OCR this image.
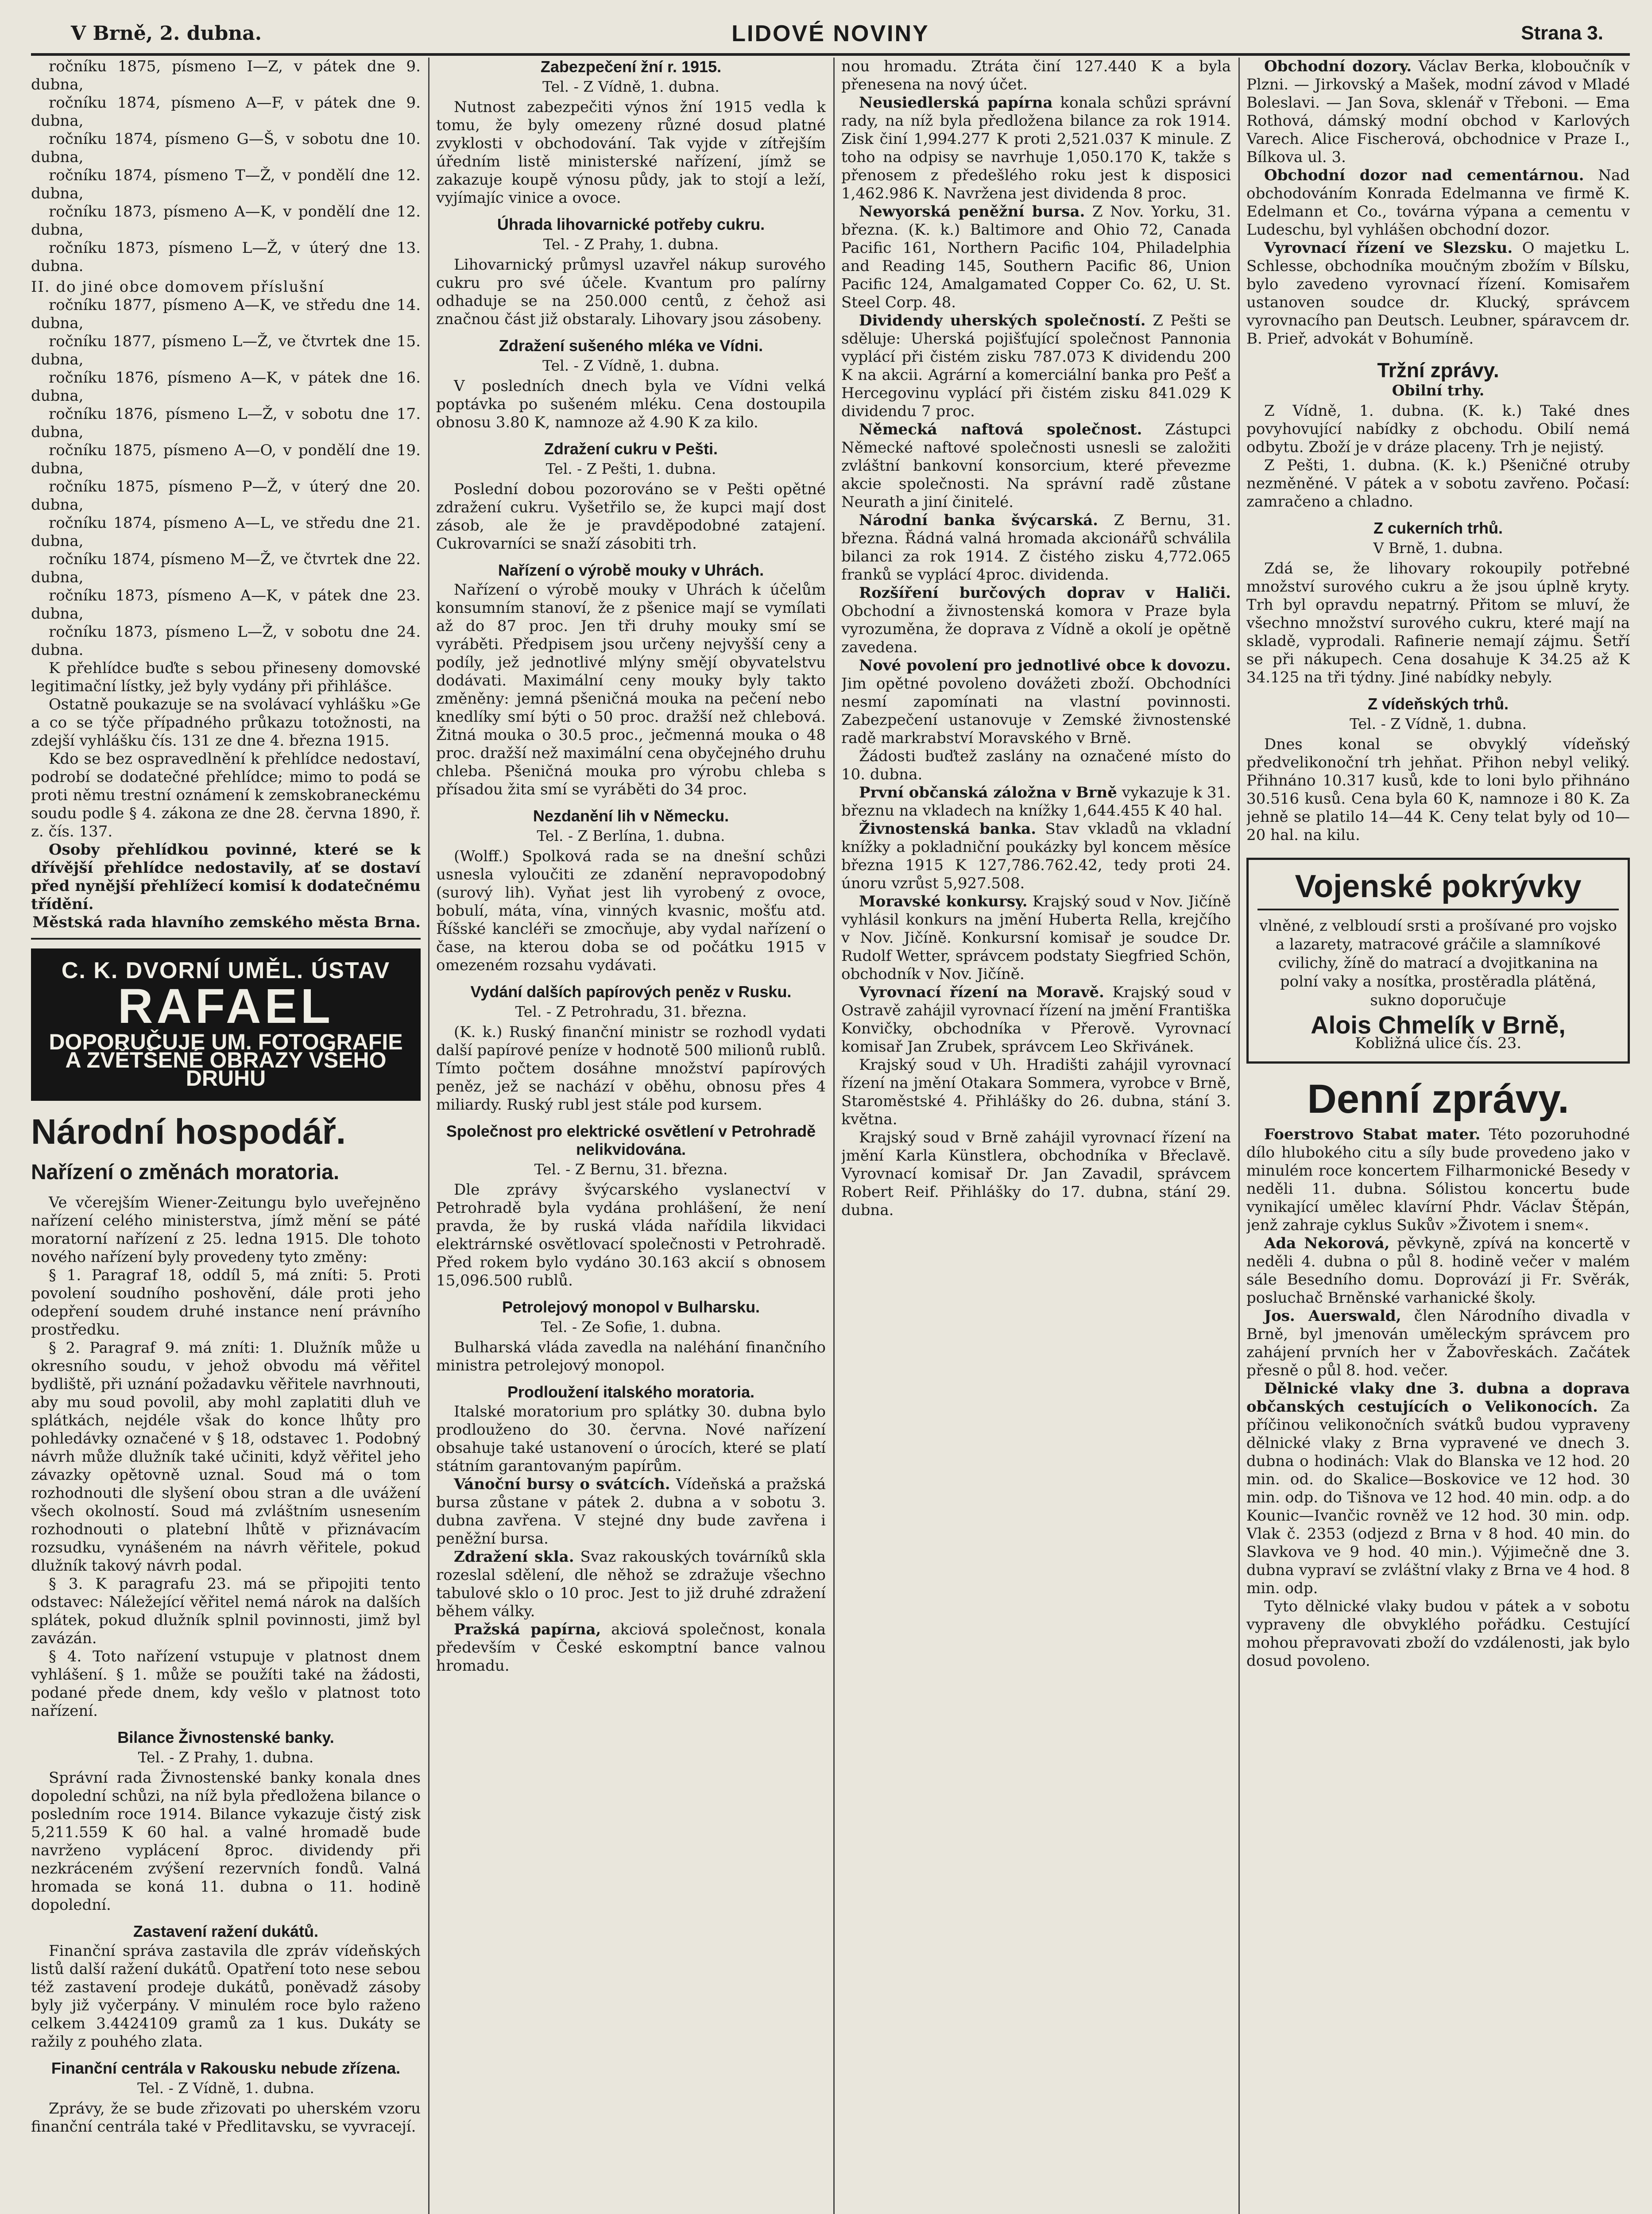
V Brně, 2. dubna.	LIDOVÉ NOVINY	Strana 3.

ročníku 1875, písmeno I—Z, v pátek dne 9. dubna,

ročníku 1874, písmeno A—F, v pátek dne 9. dubna,

ročníku 1874, písmeno G—Š, v sobotu dne 10. dubna,

ročníku 1874, písmeno T—Ž, v pondělí dne 12. dubna,

ročníku 1873, písmeno A—K, v pondělí dne 12. dubna,

ročníku 1873, písmeno L—Ž, v úterý dne 13. dubna.

II. do jiné obce domovem příslušní

ročníku 1877, písmeno A—K, ve středu dne 14. dubna,

ročníku 1877, písmeno L—Ž, ve čtvrtek dne 15. dubna,

ročníku 1876, písmeno A—K, v pátek dne 16. dubna,

ročníku 1876, písmeno L—Ž, v sobotu dne 17. dubna,

ročníku 1875, písmeno A—O, v pondělí dne 19. dubna,

ročníku 1875, písmeno P—Ž, v úterý dne 20. dubna,

ročníku 1874, písmeno A—L, ve středu dne 21. dubna,

ročníku 1874, písmeno M—Ž, ve čtvrtek dne 22. dubna,

ročníku 1873, písmeno A—K, v pátek dne 23. dubna,

ročníku 1873, písmeno L—Ž, v sobotu dne 24. dubna.

K přehlídce buďte s sebou přineseny domovské legitimační lístky, jež byly vydány při přihlášce.

Ostatně poukazuje se na svolávací vyhlášku »Ge a co se týče případného průkazu totožnosti, na zdejší vyhlášku čís. 131 ze dne 4. března 1915.

Kdo se bez ospravedlnění k přehlídce nedostaví, podrobí se dodatečné přehlídce; mimo to podá se proti němu trestní oznámení k zemskobraneckému soudu podle § 4. zákona ze dne 28. června 1890, ř. z. čís. 137.

Osoby přehlídkou povinné, které se k dřívější přehlídce nedostavily, ať se dostaví před nynější přehlížecí komisí k dodatečnému třídění.

Městská rada hlavního zemského města Brna.

C. K. DVORNÍ UMĚL. ÚSTAV
RAFAEL
DOPORUČUJE UM. FOTOGRAFIE
A ZVĚTŠENÉ OBRAZY VŠEHO DRUHU
Národní hospodář.
Nařízení o změnách moratoria.

Ve včerejším Wiener-Zeitungu bylo uveřejněno nařízení celého ministerstva, jímž mění se páté moratorní nařízení z 25. ledna 1915. Dle tohoto nového nařízení byly provedeny tyto změny:

§ 1. Paragraf 18, oddíl 5, má zníti: 5. Proti povolení soudního poshovění, dále proti jeho odepření soudem druhé instance není právního prostředku.

§ 2. Paragraf 9. má zníti: 1. Dlužník může u okresního soudu, v jehož obvodu má věřitel bydliště, při uznání požadavku věřitele navrhnouti, aby mu soud povolil, aby mohl zaplatiti dluh ve splátkách, nejdéle však do konce lhůty pro pohledávky označené v § 18, odstavec 1. Podobný návrh může dlužník také učiniti, když věřitel jeho závazky opětovně uznal. Soud má o tom rozhodnouti dle slyšení obou stran a dle uvážení všech okolností. Soud má zvláštním usnesením rozhodnouti o platební lhůtě v přiznávacím rozsudku, vynášeném na návrh věřitele, pokud dlužník takový návrh podal.

§ 3. K paragrafu 23. má se připojiti tento odstavec: Náležející věřitel nemá nárok na dalších splátek, pokud dlužník splnil povinnosti, jimž byl zavázán.

§ 4. Toto nařízení vstupuje v platnost dnem vyhlášení. § 1. může se použíti také na žádosti, podané přede dnem, kdy vešlo v platnost toto nařízení.

Bilance Živnostenské banky.
Tel. - Z Prahy, 1. dubna.

Správní rada Živnostenské banky konala dnes dopolední schůzi, na níž byla předložena bilance o posledním roce 1914. Bilance vykazuje čistý zisk 5,211.559 K 60 hal. a valné hromadě bude navrženo vyplácení 8proc. dividendy při nezkráceném zvýšení rezervních fondů. Valná hromada se koná 11. dubna o 11. hodině dopolední.

Zastavení ražení dukátů.

Finanční správa zastavila dle zpráv vídeňských listů další ražení dukátů. Opatření toto nese sebou též zastavení prodeje dukátů, poněvadž zásoby byly již vyčerpány. V minulém roce bylo raženo celkem 3.4424109 gramů za 1 kus. Dukáty se ražily z pouhého zlata.

Finanční centrála v Rakousku nebude zřízena.
Tel. - Z Vídně, 1. dubna.

Zprávy, že se bude zřizovati po uherském vzoru finanční centrála také v Předlitavsku, se vyvracejí.

Zabezpečení žní r. 1915.
Tel. - Z Vídně, 1. dubna.

Nutnost zabezpečiti výnos žní 1915 vedla k tomu, že byly omezeny různé dosud platné zvyklosti v obchodování. Tak vyjde v zítřejším úředním listě ministerské nařízení, jímž se zakazuje koupě výnosu půdy, jak to stojí a leží, vyjímajíc vinice a ovoce.

Úhrada lihovarnické potřeby cukru.
Tel. - Z Prahy, 1. dubna.

Lihovarnický průmysl uzavřel nákup surového cukru pro své účele. Kvantum pro palírny odhaduje se na 250.000 centů, z čehož asi značnou část již obstaraly. Lihovary jsou zásobeny.

Zdražení sušeného mléka ve Vídni.
Tel. - Z Vídně, 1. dubna.

V posledních dnech byla ve Vídni velká poptávka po sušeném mléku. Cena dostoupila obnosu 3.80 K, namnoze až 4.90 K za kilo.

Zdražení cukru v Pešti.
Tel. - Z Pešti, 1. dubna.

Poslední dobou pozorováno se v Pešti opětné zdražení cukru. Vyšetřilo se, že kupci mají dost zásob, ale že je pravděpodobné zatajení. Cukrovarníci se snaží zásobiti trh.

Nařízení o výrobě mouky v Uhrách.

Nařízení o výrobě mouky v Uhrách k účelům konsumním stanoví, že z pšenice mají se vymílati až do 87 proc. Jen tři druhy mouky smí se vyráběti. Předpisem jsou určeny nejvyšší ceny a podíly, jež jednotlivé mlýny smějí obyvatelstvu dodávati. Maximální ceny mouky byly takto změněny: jemná pšeničná mouka na pečení nebo knedlíky smí býti o 50 proc. dražší než chlebová. Žitná mouka o 30.5 proc., ječmenná mouka o 48 proc. dražší než maximální cena obyčejného druhu chleba. Pšeničná mouka pro výrobu chleba s přísadou žita smí se vyráběti do 34 proc.

Nezdanění lih v Německu.
Tel. - Z Berlína, 1. dubna.

(Wolff.) Spolková rada se na dnešní schůzi usnesla vyloučiti ze zdanění nepravopodobný (surový lih). Vyňat jest lih vyrobený z ovoce, bobulí, máta, vína, vinných kvasnic, mošťu atd. Říšské kancléři se zmocňuje, aby vydal nařízení o čase, na kterou doba se od počátku 1915 v omezeném rozsahu vydávati.

Vydání dalších papírových peněz v Rusku.
Tel. - Z Petrohradu, 31. března.

(K. k.) Ruský finanční ministr se rozhodl vydati další papírové peníze v hodnotě 500 milionů rublů. Tímto počtem dosáhne množství papírových peněz, jež se nachází v oběhu, obnosu přes 4 miliardy. Ruský rubl jest stále pod kursem.

Společnost pro elektrické osvětlení v Petrohradě nelikvidována.
Tel. - Z Bernu, 31. března.

Dle zprávy švýcarského vyslanectví v Petrohradě byla vydána prohlášení, že není pravda, že by ruská vláda nařídila likvidaci elektrárnské osvětlovací společnosti v Petrohradě. Před rokem bylo vydáno 30.163 akcií s obnosem 15,096.500 rublů.

Petrolejový monopol v Bulharsku.
Tel. - Ze Sofie, 1. dubna.

Bulharská vláda zavedla na naléhání finančního ministra petrolejový monopol.

Prodloužení italského moratoria.

Italské moratorium pro splátky 30. dubna bylo prodlouženo do 30. června. Nové nařízení obsahuje také ustanovení o úrocích, které se platí státním garantovaným papírům.

Vánoční bursy o svátcích. Vídeňská a pražská bursa zůstane v pátek 2. dubna a v sobotu 3. dubna zavřena. V stejné dny bude zavřena i peněžní bursa.

Zdražení skla. Svaz rakouských továrníků skla rozeslal sdělení, dle něhož se zdražuje všechno tabulové sklo o 10 proc. Jest to již druhé zdražení během války.

Pražská papírna, akciová společnost, konala především v České eskomptní bance valnou hromadu.

nou hromadu. Ztráta činí 127.440 K a byla přenesena na nový účet.

Neusiedlerská papírna konala schůzi správní rady, na níž byla předložena bilance za rok 1914. Zisk činí 1,994.277 K proti 2,521.037 K minule. Z toho na odpisy se navrhuje 1,050.170 K, takže s přenosem z předešlého roku jest k disposici 1,462.986 K. Navržena jest dividenda 8 proc.

Newyorská peněžní bursa. Z Nov. Yorku, 31. března. (K. k.) Baltimore and Ohio 72, Canada Pacific 161, Northern Pacific 104, Philadelphia and Reading 145, Southern Pacific 86, Union Pacific 124, Amalgamated Copper Co. 62, U. St. Steel Corp. 48.

Dividendy uherských společností. Z Pešti se sděluje: Uherská pojišťující společnost Pannonia vyplácí při čistém zisku 787.073 K dividendu 200 K na akcii. Agrární a komerciální banka pro Pešť a Hercegovinu vyplácí při čistém zisku 841.029 K dividendu 7 proc.

Německá naftová společnost. Zástupci Německé naftové společnosti usnesli se založiti zvláštní bankovní konsorcium, které převezme akcie společnosti. Na správní radě zůstane Neurath a jiní činitelé.

Národní banka švýcarská. Z Bernu, 31. března. Řádná valná hromada akcionářů schválila bilanci za rok 1914. Z čistého zisku 4,772.065 franků se vyplácí 4proc. dividenda.

Rozšíření burčových doprav v Haliči. Obchodní a živnostenská komora v Praze byla vyrozuměna, že doprava z Vídně a okolí je opětně zavedena.

Nové povolení pro jednotlivé obce k dovozu. Jim opětné povoleno dovážeti zboží. Obchodníci nesmí zapomínati na vlastní povinnosti. Zabezpečení ustanovuje v Zemské živnostenské radě markrabství Moravského v Brně.

Žádosti buďtež zaslány na označené místo do 10. dubna.

První občanská záložna v Brně vykazuje k 31. březnu na vkladech na knížky 1,644.455 K 40 hal.

Živnostenská banka. Stav vkladů na vkladní knížky a pokladniční poukázky byl koncem měsíce března 1915 K 127,786.762.42, tedy proti 24. únoru vzrůst 5,927.508.

Moravské konkursy. Krajský soud v Nov. Jičíně vyhlásil konkurs na jmění Huberta Rella, krejčího v Nov. Jičíně. Konkursní komisař je soudce Dr. Rudolf Wetter, správcem podstaty Siegfried Schön, obchodník v Nov. Jičíně.

Vyrovnací řízení na Moravě. Krajský soud v Ostravě zahájil vyrovnací řízení na jmění Františka Konvičky, obchodníka v Přerově. Vyrovnací komisař Jan Zrubek, správcem Leo Skřivánek.

Krajský soud v Uh. Hradišti zahájil vyrovnací řízení na jmění Otakara Sommera, vyrobce v Brně, Staroměstské 4. Přihlášky do 26. dubna, stání 3. května.

Krajský soud v Brně zahájil vyrovnací řízení na jmění Karla Künstlera, obchodníka v Břeclavě. Vyrovnací komisař Dr. Jan Zavadil, správcem Robert Reif. Přihlášky do 17. dubna, stání 29. dubna.

Obchodní dozory. Václav Berka, kloboučník v Plzni. — Jirkovský a Mašek, modní závod v Mladé Boleslavi. — Jan Sova, sklenář v Třeboni. — Ema Rothová, dámský modní obchod v Karlových Varech. Alice Fischerová, obchodnice v Praze I., Bílkova ul. 3.

Obchodní dozor nad cementárnou. Nad obchodováním Konrada Edelmanna ve firmě K. Edelmann et Co., továrna výpana a cementu v Ludeschu, byl vyhlášen obchodní dozor.

Vyrovnací řízení ve Slezsku. O majetku L. Schlesse, obchodníka moučným zbožím v Bílsku, bylo zavedeno vyrovnací řízení. Komisařem ustanoven soudce dr. Klucký, správcem vyrovnacího pan Deutsch. Leubner, spáravcem dr. B. Prieř, advokát v Bohumíně.

Tržní zprávy.
Obilní trhy.

Z Vídně, 1. dubna. (K. k.) Také dnes povyhovující nabídky z obchodu. Obilí nemá odbytu. Zboží je v dráze placeny. Trh je nejistý.

Z Pešti, 1. dubna. (K. k.) Pšeničné otruby nezměněné. V pátek a v sobotu zavřeno. Počasí: zamračeno a chladno.

Z cukerních trhů.
V Brně, 1. dubna.

Zdá se, že lihovary rokoupily potřebné množství surového cukru a že jsou úplně kryty. Trh byl opravdu nepatrný. Přitom se mluví, že všechno množství surového cukru, které mají na skladě, vyprodali. Rafinerie nemají zájmu. Šetří se při nákupech. Cena dosahuje K 34.25 až K 34.125 na tři týdny. Jiné nabídky nebyly.

Z vídeňských trhů.
Tel. - Z Vídně, 1. dubna.

Dnes konal se obvyklý vídeňský předvelikonoční trh jehňat. Přihon nebyl veliký. Přihnáno 10.317 kusů, kde to loni bylo přihnáno 30.516 kusů. Cena byla 60 K, namnoze i 80 K. Za jehně se platilo 14—44 K. Ceny telat byly od 10—20 hal. na kilu.

Vojenské pokrývky
vlněné, z velbloudí srsti a prošívané pro vojsko a lazarety, matracové gráčile a slamníkové cvilichy, žíně do matrací a dvojitkanina na polní vaky a nosítka, prostěradla plátěná, sukno doporučuje
Alois Chmelík v Brně,
Kobližná ulice čís. 23.
Denní zprávy.

Foerstrovo Stabat mater. Této pozoruhodné dílo hlubokého citu a síly bude provedeno jako v minulém roce koncertem Filharmonické Besedy v neděli 11. dubna. Sólistou koncertu bude vynikající umělec klavírní Phdr. Václav Štěpán, jenž zahraje cyklus Sukův »Životem i snem«.

Ada Nekorová, pěvkyně, zpívá na koncertě v neděli 4. dubna o půl 8. hodině večer v malém sále Besedního domu. Doprovází ji Fr. Svěrák, posluchač Brněnské varhanické školy.

Jos. Auerswald, člen Národního divadla v Brně, byl jmenován uměleckým správcem pro zahájení prvních her v Žabovřeskách. Začátek přesně o půl 8. hod. večer.

Dělnické vlaky dne 3. dubna a doprava občanských cestujících o Velikonocích. Za příčinou velikonočních svátků budou vypraveny dělnické vlaky z Brna vypravené ve dnech 3. dubna o hodinách: Vlak do Blanska ve 12 hod. 20 min. od. do Skalice—Boskovice ve 12 hod. 30 min. odp. do Tišnova ve 12 hod. 40 min. odp. a do Kounic—Ivančic rovněž ve 12 hod. 30 min. odp. Vlak č. 2353 (odjezd z Brna v 8 hod. 40 min. do Slavkova ve 9 hod. 40 min.). Výjimečně dne 3. dubna vypraví se zvláštní vlaky z Brna ve 4 hod. 8 min. odp.

Tyto dělnické vlaky budou v pátek a v sobotu vypraveny dle obvyklého pořádku. Cestující mohou přepravovati zboží do vzdálenosti, jak bylo dosud povoleno.
